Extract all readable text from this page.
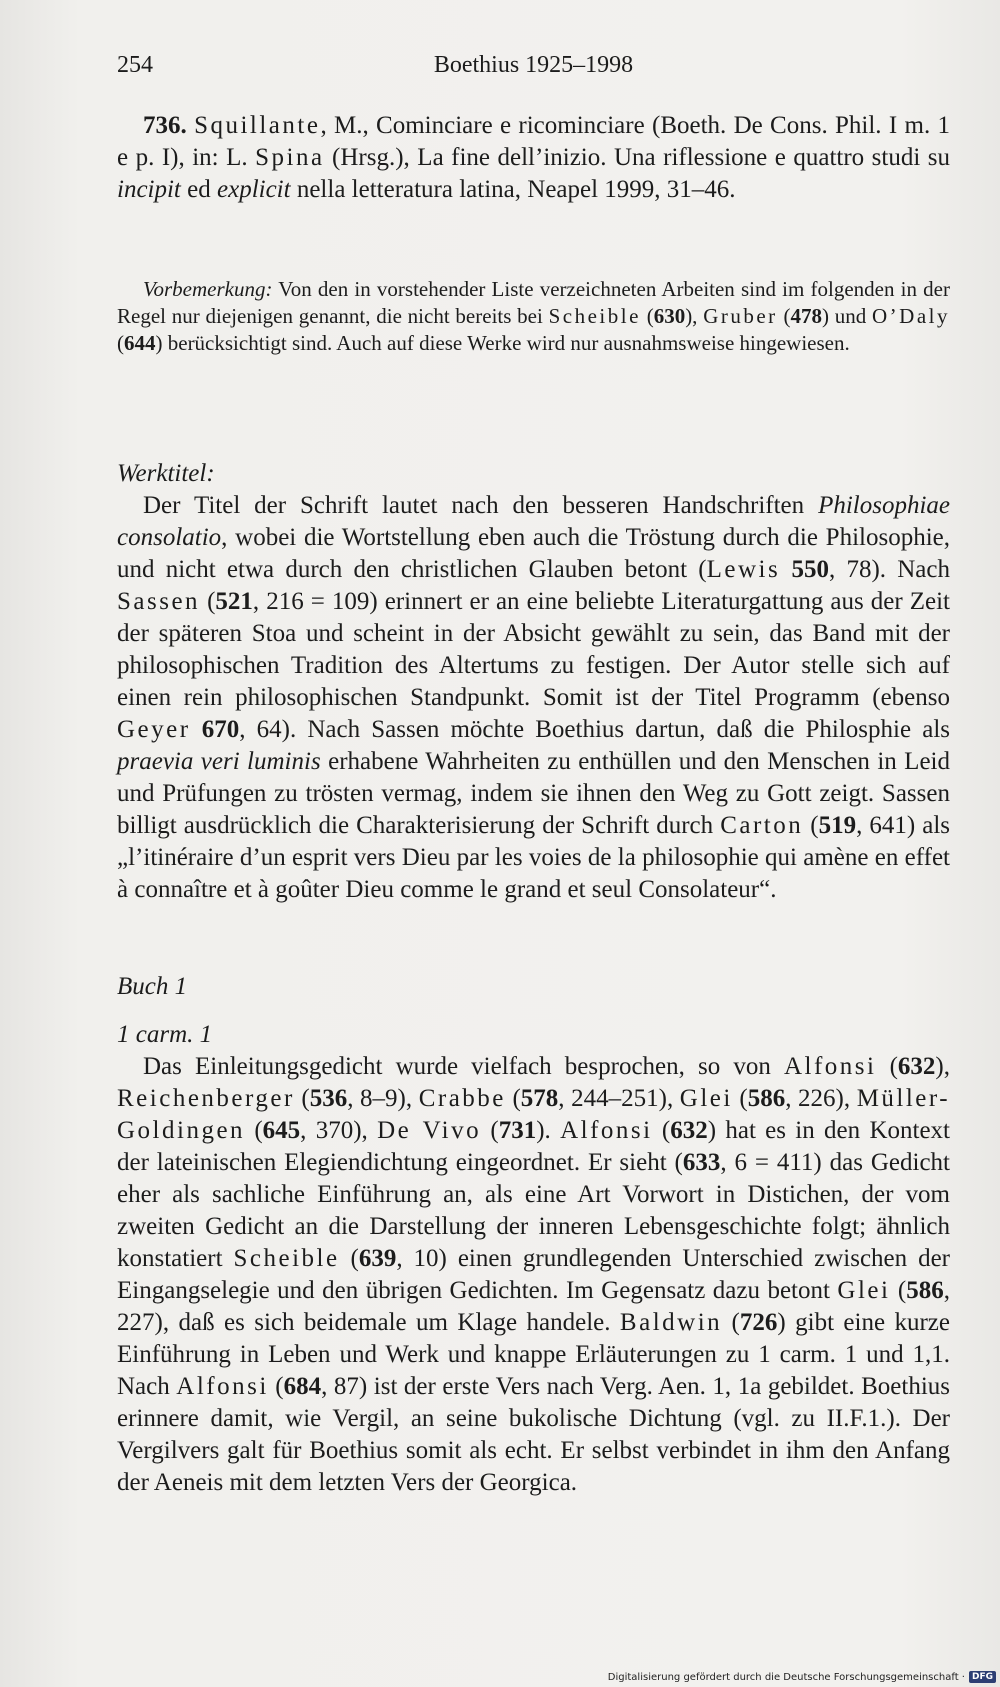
254	Boethius 1925–1998
736. Squillante, M., Cominciare e ricominciare (Boeth. De Cons. Phil. I m. 1 e p. I), in: L. Spina (Hrsg.), La fine dell’inizio. Una riflessione e quattro studi su incipit ed explicit nella letteratura latina, Neapel 1999, 31–46.
Vorbemerkung: Von den in vorstehender Liste verzeichneten Arbeiten sind im folgenden in der Regel nur diejenigen genannt, die nicht bereits bei Scheible (630), Gruber (478) und O’Daly (644) berücksichtigt sind. Auch auf diese Werke wird nur ausnahmsweise hingewiesen.
Werktitel:
Der Titel der Schrift lautet nach den besseren Handschriften Philosophiae consolatio, wobei die Wortstellung eben auch die Tröstung durch die Philosophie, und nicht etwa durch den christlichen Glauben betont (Lewis 550, 78). Nach Sassen (521, 216 = 109) erinnert er an eine beliebte Literaturgattung aus der Zeit der späteren Stoa und scheint in der Absicht gewählt zu sein, das Band mit der philosophischen Tradition des Altertums zu festigen. Der Autor stelle sich auf einen rein philosophischen Standpunkt. Somit ist der Titel Programm (ebenso Geyer 670, 64). Nach Sassen möchte Boethius dartun, daß die Philosphie als praevia veri luminis erhabene Wahrheiten zu enthüllen und den Menschen in Leid und Prüfungen zu trösten vermag, indem sie ihnen den Weg zu Gott zeigt. Sassen billigt ausdrücklich die Charakterisierung der Schrift durch Carton (519, 641) als „l’itinéraire d’un esprit vers Dieu par les voies de la philosophie qui amène en effet à connaître et à goûter Dieu comme le grand et seul Consolateur“.
Buch 1
1 carm. 1
Das Einleitungsgedicht wurde vielfach besprochen, so von Alfonsi (632), Reichenberger (536, 8–9), Crabbe (578, 244–251), Glei (586, 226), Müller-Goldingen (645, 370), De Vivo (731). Alfonsi (632) hat es in den Kontext der lateinischen Elegiendichtung eingeordnet. Er sieht (633, 6 = 411) das Gedicht eher als sachliche Einführung an, als eine Art Vorwort in Distichen, der vom zweiten Gedicht an die Darstellung der inneren Lebensgeschichte folgt; ähnlich konstatiert Scheible (639, 10) einen grundlegenden Unterschied zwischen der Eingangselegie und den übrigen Gedichten. Im Gegensatz dazu betont Glei (586, 227), daß es sich beidemale um Klage handele. Baldwin (726) gibt eine kurze Einführung in Leben und Werk und knappe Erläuterungen zu 1 carm. 1 und 1,1. Nach Alfonsi (684, 87) ist der erste Vers nach Verg. Aen. 1, 1a gebildet. Boethius erinnere damit, wie Vergil, an seine bukolische Dichtung (vgl. zu II.F.1.). Der Vergilvers galt für Boethius somit als echt. Er selbst verbindet in ihm den Anfang der Aeneis mit dem letzten Vers der Georgica.
Digitalisierung gefördert durch die Deutsche Forschungsgemeinschaft · DFG
